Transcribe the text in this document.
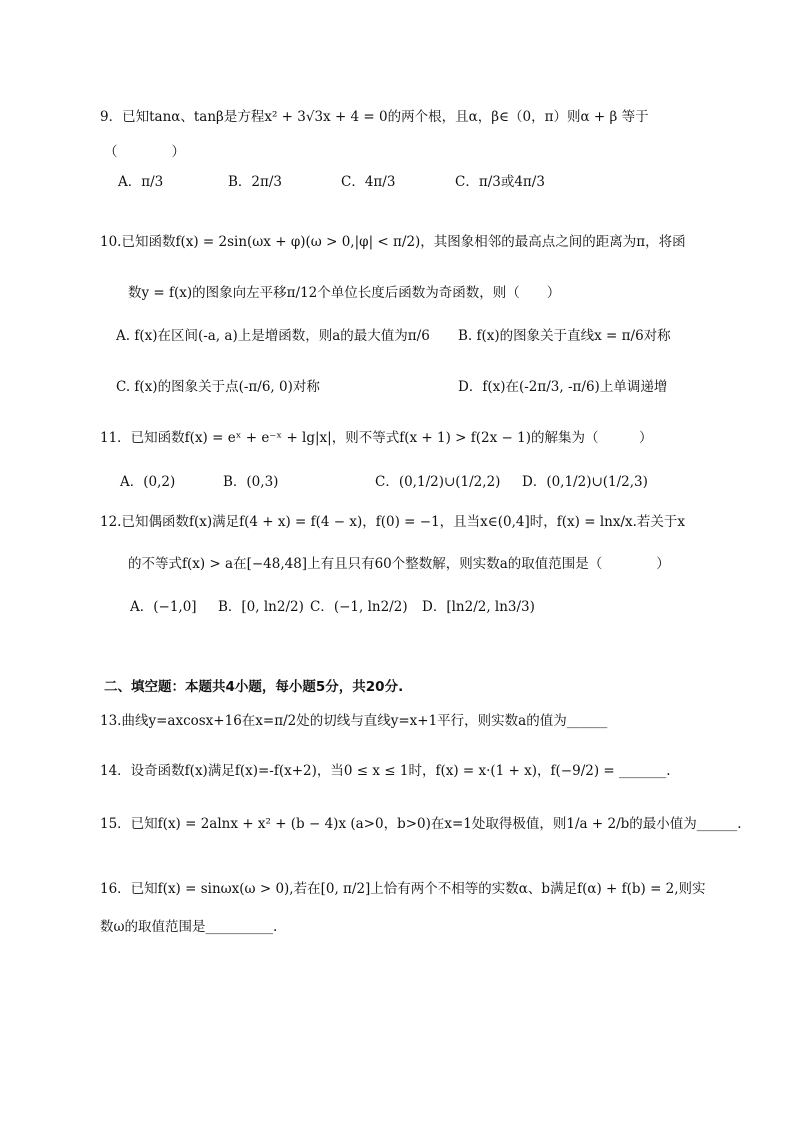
9．已知tanα、tanβ是方程x² + 3√3x + 4 = 0的两个根，且α，β∈（0，π）则α + β 等于
（　　　　）
A．π/3	B．2π/3	C．4π/3	C．π/3或4π/3
10.已知函数f(x) = 2sin(ωx + φ)(ω > 0,|φ| < π/2)，其图象相邻的最高点之间的距离为π，将函
数y = f(x)的图象向左平移π/12个单位长度后函数为奇函数，则（　　）
A. f(x)在区间(-a, a)上是增函数，则a的最大值为π/6	B. f(x)的图象关于直线x = π/6对称
C. f(x)的图象关于点(-π/6, 0)对称	D．f(x)在(-2π/3, -π/6)上单调递增
11．已知函数f(x) = eˣ + e⁻ˣ + lg|x|，则不等式f(x + 1) > f(2x − 1)的解集为（　　　）
A．(0,2)	B．(0,3)	C．(0,1/2)∪(1/2,2) D．(0,1/2)∪(1/2,3)
12.已知偶函数f(x)满足f(4 + x) = f(4 − x)，f(0) = −1，且当x∈(0,4]时，f(x) = lnx/x.若关于x
的不等式f(x) > a在[−48,48]上有且只有60个整数解，则实数a的取值范围是（　　　　）
A．(−1,0] B．[0, ln2/2) C．(−1, ln2/2) D．[ln2/2, ln3/3)
二、填空题：本题共4小题，每小题5分，共20分.
13.曲线y=axcosx+16在x=π/2处的切线与直线y=x+1平行，则实数a的值为______
14．设奇函数f(x)满足f(x)=-f(x+2)，当0 ≤ x ≤ 1时，f(x) = x·(1 + x)，f(−9/2) = _______.
15．已知f(x) = 2alnx + x² + (b − 4)x (a>0，b>0)在x=1处取得极值，则1/a + 2/b的最小值为______.
16．已知f(x) = sinωx(ω > 0),若在[0, π/2]上恰有两个不相等的实数α、b满足f(α) + f(b) = 2,则实
数ω的取值范围是__________.
